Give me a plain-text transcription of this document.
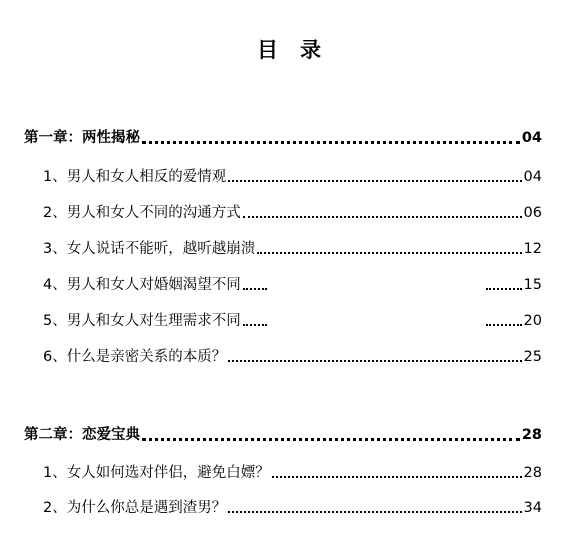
目 录
第一章：两性揭秘	04
1、男人和女人相反的爱情观	04
2、男人和女人不同的沟通方式	06
3、女人说话不能听，越听越崩溃	12
4、男人和女人对婚姻渴望不同	15
5、男人和女人对生理需求不同	20
6、什么是亲密关系的本质？	25
第二章：恋爱宝典	28
1、女人如何选对伴侣，避免白嫖？	28
2、为什么你总是遇到渣男？	34
